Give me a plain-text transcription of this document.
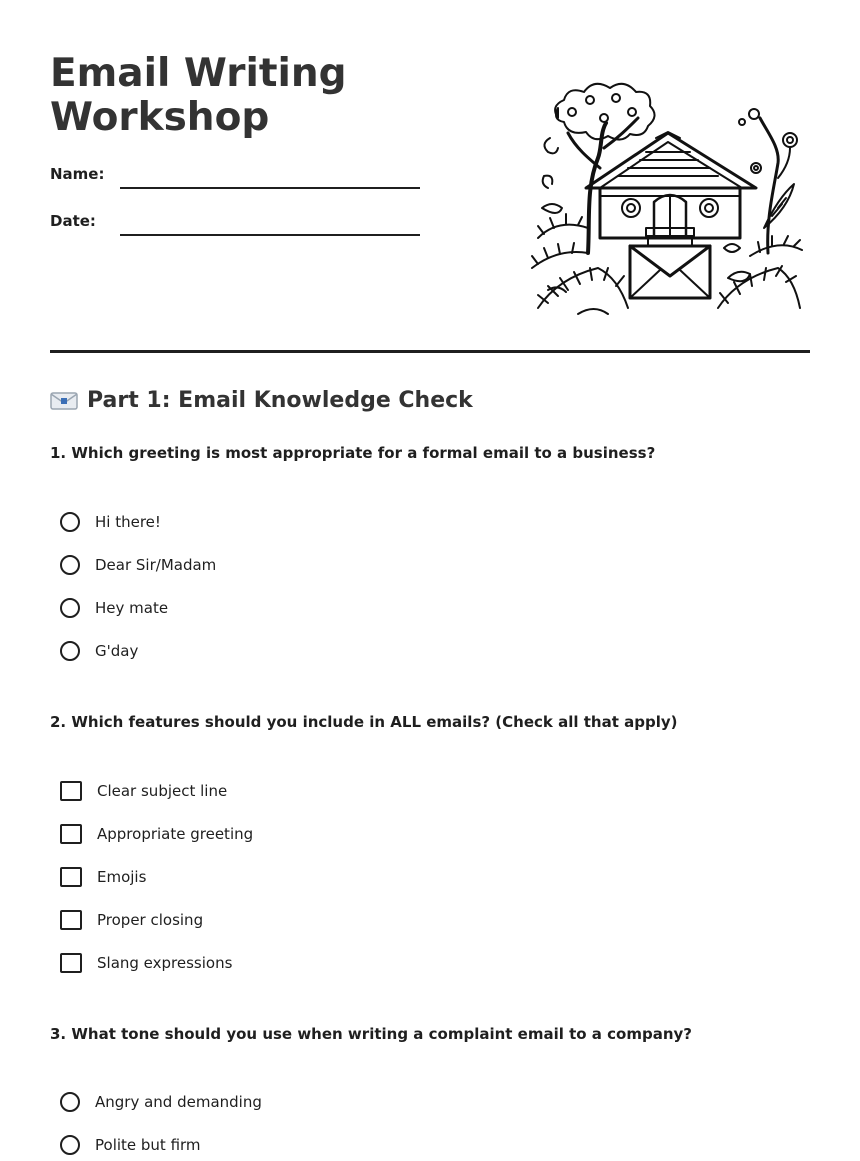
Email Writing
Workshop
Name:
Date:
Part 1: Email Knowledge Check

1. Which greeting is most appropriate for a formal email to a business?

Hi there!
Dear Sir/Madam
Hey mate
G'day

2. Which features should you include in ALL emails? (Check all that apply)

Clear subject line
Appropriate greeting
Emojis
Proper closing
Slang expressions

3. What tone should you use when writing a complaint email to a company?

Angry and demanding
Polite but firm
